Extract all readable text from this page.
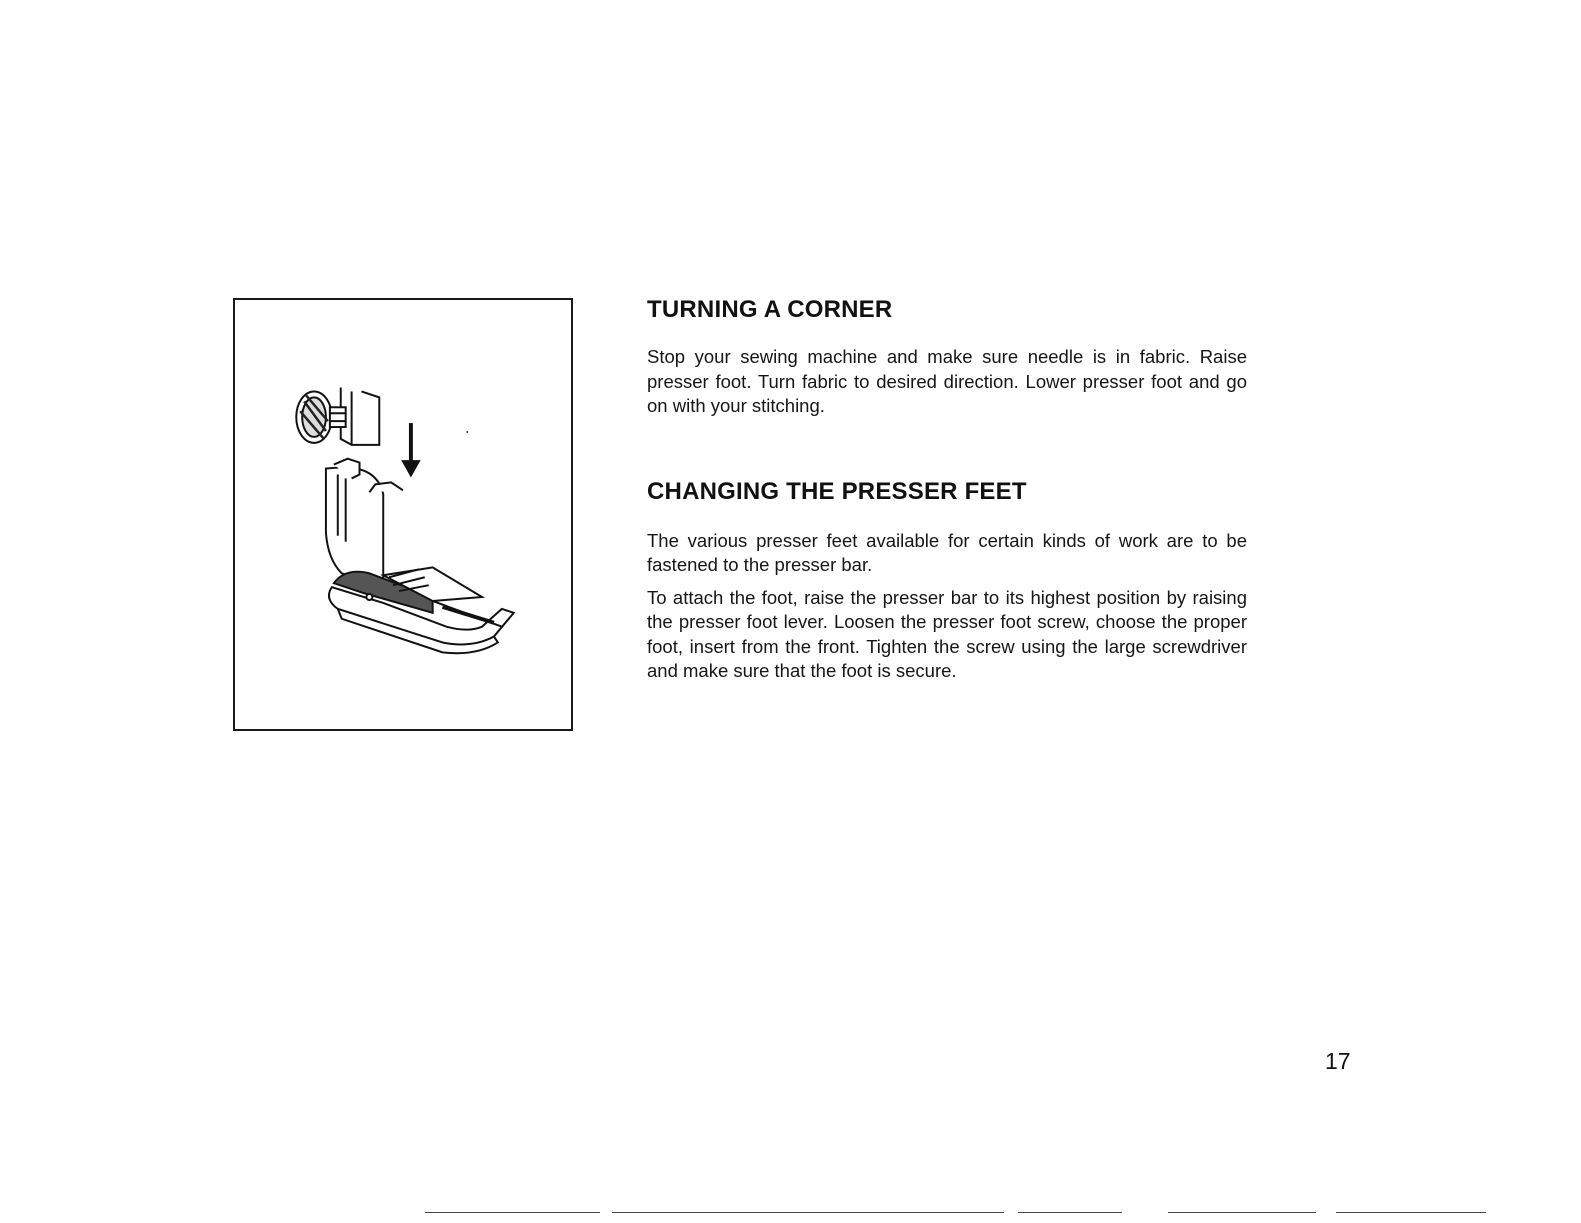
TURNING A CORNER

Stop your sewing machine and make sure needle is in fabric. Raise presser foot. Turn fabric to desired direction. Lower presser foot and go on with your stitching.

CHANGING THE PRESSER FEET

The various presser feet available for certain kinds of work are to be fastened to the presser bar.

To attach the foot, raise the presser bar to its highest position by raising the presser foot lever. Loosen the presser foot screw, choose the proper foot, insert from the front. Tighten the screw using the large screwdriver and make sure that the foot is secure.

17
